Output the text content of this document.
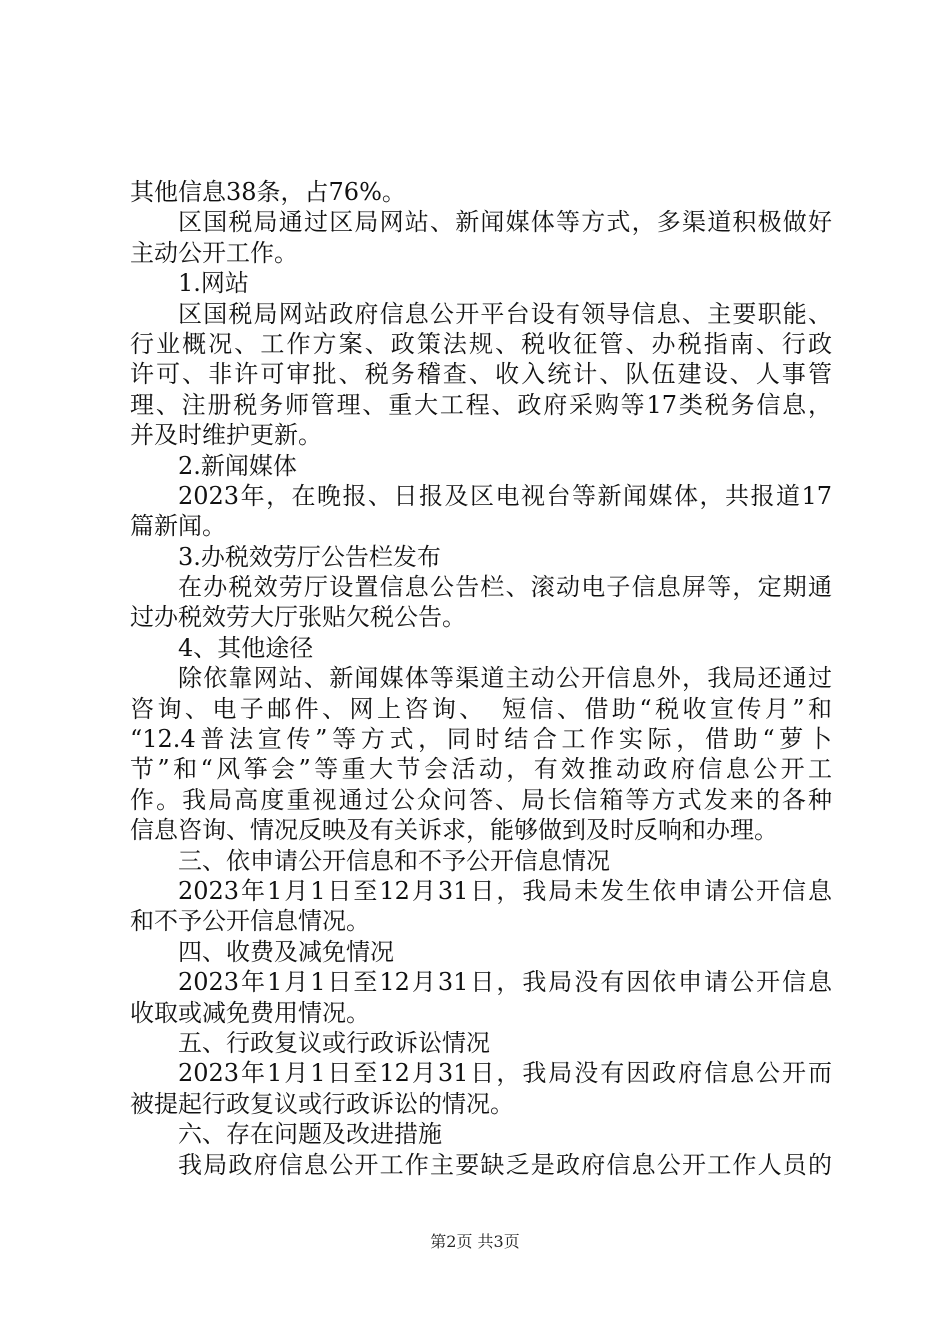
其他信息38条，占76%。
区国税局通过区局网站、新闻媒体等方式，多渠道积极做好
主动公开工作。
1.网站
区国税局网站政府信息公开平台设有领导信息、主要职能、
行业概况、工作方案、政策法规、税收征管、办税指南、行政
许可、非许可审批、税务稽查、收入统计、队伍建设、人事管
理、注册税务师管理、重大工程、政府采购等17类税务信息，
并及时维护更新。
2.新闻媒体
2023年，在晚报、日报及区电视台等新闻媒体，共报道17
篇新闻。
3.办税效劳厅公告栏发布
在办税效劳厅设置信息公告栏、滚动电子信息屏等，定期通
过办税效劳大厅张贴欠税公告。
4、其他途径
除依靠网站、新闻媒体等渠道主动公开信息外，我局还通过
咨询、电子邮件、网上咨询、　短信、借助“税收宣传月”和
“12.4普法宣传”等方式，同时结合工作实际，借助“萝卜
节”和“风筝会”等重大节会活动，有效推动政府信息公开工
作。我局高度重视通过公众问答、局长信箱等方式发来的各种
信息咨询、情况反映及有关诉求，能够做到及时反响和办理。
三、依申请公开信息和不予公开信息情况
2023年1月1日至12月31日，我局未发生依申请公开信息
和不予公开信息情况。
四、收费及减免情况
2023年1月1日至12月31日，我局没有因依申请公开信息
收取或减免费用情况。
五、行政复议或行政诉讼情况
2023年1月1日至12月31日，我局没有因政府信息公开而
被提起行政复议或行政诉讼的情况。
六、存在问题及改进措施
我局政府信息公开工作主要缺乏是政府信息公开工作人员的
第2页 共3页
